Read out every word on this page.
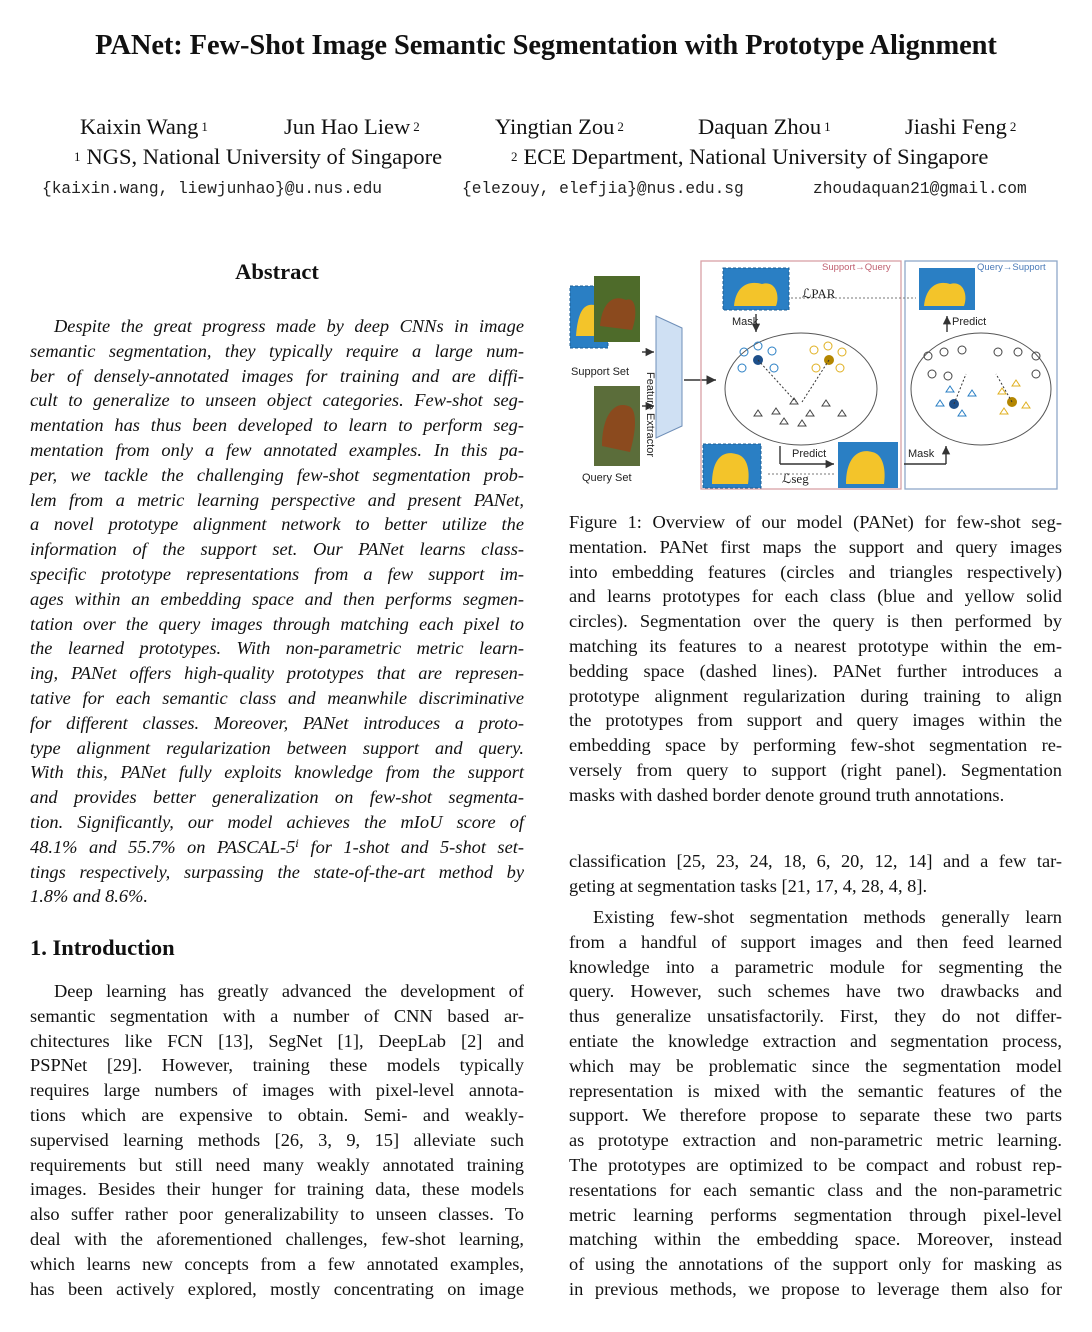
PANet: Few-Shot Image Semantic Segmentation with Prototype Alignment
Kaixin Wang $^1$	Jun Hao Liew $^2$	Yingtian Zou $^2$	Daquan Zhou $^1$	Jiashi Feng $^2$
$^1$ NGS, National University of Singapore	$^2$ ECE Department, National University of Singapore
{kaixin.wang, liewjunhao}@u.nus.edu	{elezouy, elefjia}@nus.edu.sg	zhoudaquan21@gmail.com
Abstract
Despite the great progress made by deep CNNs in image
semantic segmentation, they typically require a large num-
ber of densely-annotated images for training and are diffi-
cult to generalize to unseen object categories. Few-shot seg-
mentation has thus been developed to learn to perform seg-
mentation from only a few annotated examples. In this pa-
per, we tackle the challenging few-shot segmentation prob-
lem from a metric learning perspective and present PANet,
a novel prototype alignment network to better utilize the
information of the support set. Our PANet learns class-
specific prototype representations from a few support im-
ages within an embedding space and then performs segmen-
tation over the query images through matching each pixel to
the learned prototypes. With non-parametric metric learn-
ing, PANet offers high-quality prototypes that are represen-
tative for each semantic class and meanwhile discriminative
for different classes. Moreover, PANet introduces a proto-
type alignment regularization between support and query.
With this, PANet fully exploits knowledge from the support
and provides better generalization on few-shot segmenta-
tion. Significantly, our model achieves the mIoU score of
48.1% and 55.7% on PASCAL-5ⁱ for 1-shot and 5-shot set-
tings respectively, surpassing the state-of-the-art method by
1.8% and 8.6%.
1. Introduction
Deep learning has greatly advanced the development of
semantic segmentation with a number of CNN based ar-
chitectures like FCN [13], SegNet [1], DeepLab [2] and
PSPNet [29]. However, training these models typically
requires large numbers of images with pixel-level annota-
tions which are expensive to obtain. Semi- and weakly-
supervised learning methods [26, 3, 9, 15] alleviate such
requirements but still need many weakly annotated training
images. Besides their hunger for training data, these models
also suffer rather poor generalizability to unseen classes. To
deal with the aforementioned challenges, few-shot learning,
which learns new concepts from a few annotated examples,
has been actively explored, mostly concentrating on image
Support Set
Query Set
Feature Extractor
Support→Query	Query→Support
Mask	Predict
ℒPAR
Predict
ℒseg
Mask
Figure 1: Overview of our model (PANet) for few-shot seg-
mentation. PANet first maps the support and query images
into embedding features (circles and triangles respectively)
and learns prototypes for each class (blue and yellow solid
circles). Segmentation over the query is then performed by
matching its features to a nearest prototype within the em-
bedding space (dashed lines). PANet further introduces a
prototype alignment regularization during training to align
the prototypes from support and query images within the
embedding space by performing few-shot segmentation re-
versely from query to support (right panel). Segmentation
masks with dashed border denote ground truth annotations.
classification [25, 23, 24, 18, 6, 20, 12, 14] and a few tar-
geting at segmentation tasks [21, 17, 4, 28, 4, 8].
Existing few-shot segmentation methods generally learn
from a handful of support images and then feed learned
knowledge into a parametric module for segmenting the
query. However, such schemes have two drawbacks and
thus generalize unsatisfactorily. First, they do not differ-
entiate the knowledge extraction and segmentation process,
which may be problematic since the segmentation model
representation is mixed with the semantic features of the
support. We therefore propose to separate these two parts
as prototype extraction and non-parametric metric learning.
The prototypes are optimized to be compact and robust rep-
resentations for each semantic class and the non-parametric
metric learning performs segmentation through pixel-level
matching within the embedding space. Moreover, instead
of using the annotations of the support only for masking as
in previous methods, we propose to leverage them also for
